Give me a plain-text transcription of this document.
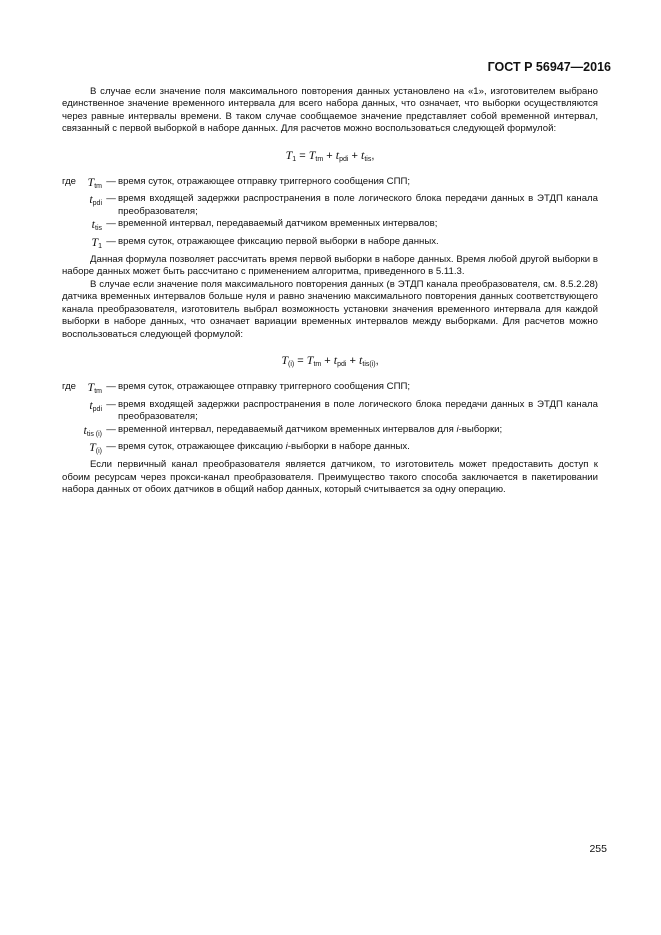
ГОСТ Р 56947—2016

В случае если значение поля максимального повторения данных установлено на «1», изготовителем выбрано единственное значение временного интервала для всего набора данных, что означает, что выборки осуществляются через равные интервалы времени. В таком случае сообщаемое значение представляет собой временной интервал, связанный с первой выборкой в наборе данных. Для расчетов можно воспользоваться следующей формулой:

$T_1 = T_{tm} + t_{pdi} + t_{tis}$,
где $T_{tm}$ — время суток, отражающее отправку триггерного сообщения СПП;
$t_{pdi}$ — время входящей задержки распространения в поле логического блока передачи данных в ЭТДП канала преобразователя;
$t_{tis}$ — временной интервал, передаваемый датчиком временных интервалов;
$T_1$ — время суток, отражающее фиксацию первой выборки в наборе данных.

Данная формула позволяет рассчитать время первой выборки в наборе данных. Время любой другой выборки в наборе данных может быть рассчитано с применением алгоритма, приведенного в 5.11.3.

В случае если значение поля максимального повторения данных (в ЭТДП канала преобразователя, см. 8.5.2.28) датчика временных интервалов больше нуля и равно значению максимального повторения данных соответствующего канала преобразователя, изготовитель выбрал возможность установки значения временного интервала для каждой выборки в наборе данных, что означает вариации временных интервалов между выборками. Для расчетов можно воспользоваться следующей формулой:

$T_{(i)} = T_{tm} + t_{pdi} + t_{tis(i)}$,
где $T_{tm}$ — время суток, отражающее отправку триггерного сообщения СПП;
$t_{pdi}$ — время входящей задержки распространения в поле логического блока передачи данных в ЭТДП канала преобразователя;
$t_{tis (i)}$ — временной интервал, передаваемый датчиком временных интервалов для i-выборки;
$T_{(i)}$ — время суток, отражающее фиксацию i-выборки в наборе данных.

Если первичный канал преобразователя является датчиком, то изготовитель может предоставить доступ к обоим ресурсам через прокси-канал преобразователя. Преимущество такого способа заключается в пакетировании набора данных от обоих датчиков в общий набор данных, который считывается за одну операцию.

255
